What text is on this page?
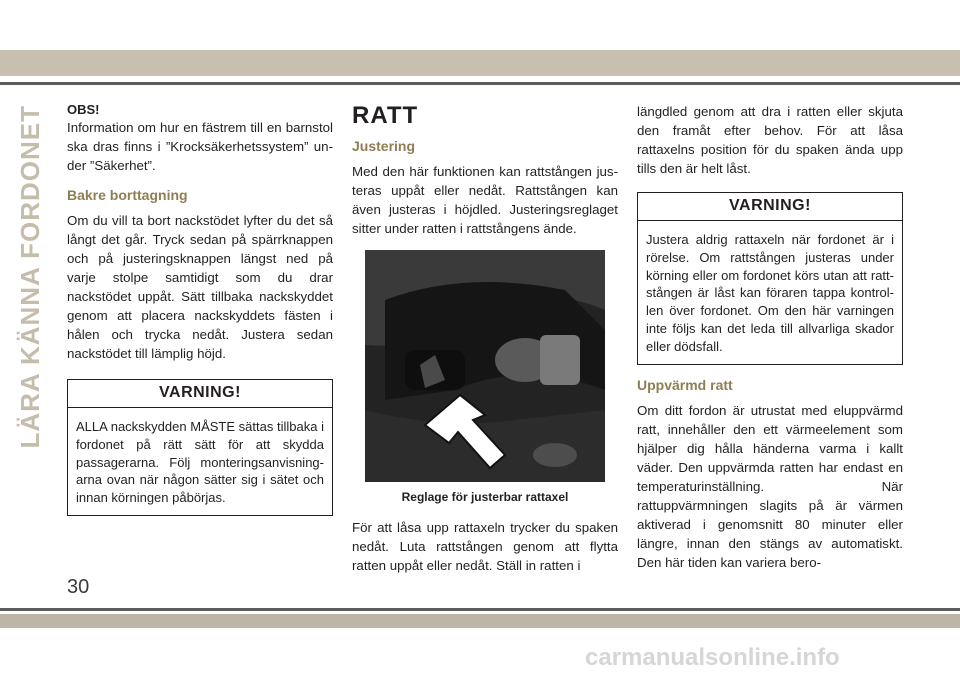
LÄRA KÄNNA FORDONET OBS!
Information om hur en fästrem till en barnstol ska dras finns i ”Krocksäkerhetssystem” under ”Säkerhet”.
Bakre borttagning
Om du vill ta bort nackstödet lyfter du det så långt det går. Tryck sedan på spärrknappen och på justeringsknappen längst ned på varje stolpe samtidigt som du drar nackstödet uppåt. Sätt tillbaka nackskyddet genom att placera nackskyddets fästen i hålen och trycka nedåt. Justera sedan nackstödet till lämplig höjd.
VARNING!
ALLA nackskydden MÅSTE sättas tillbaka i fordonet på rätt sätt för att skydda passagerarna. Följ monteringsanvisningarna ovan när någon sätter sig i sätet och innan körningen påbörjas.
RATT
Justering
Med den här funktionen kan rattstången justeras uppåt eller nedåt. Rattstången kan även justeras i höjdled. Justeringsreglaget sitter under ratten i rattstångens ände.
Reglage för justerbar rattaxel
För att låsa upp rattaxeln trycker du spaken nedåt. Luta rattstången genom att flytta ratten uppåt eller nedåt. Ställ in ratten i
längdled genom att dra i ratten eller skjuta den framåt efter behov. För att låsa rattaxelns position för du spaken ända upp tills den är helt låst.
VARNING!
Justera aldrig rattaxeln när fordonet är i rörelse. Om rattstången justeras under körning eller om fordonet körs utan att rattstången är låst kan föraren tappa kontrollen över fordonet. Om den här varningen inte följs kan det leda till allvarliga skador eller dödsfall.
Uppvärmd ratt
Om ditt fordon är utrustat med eluppvärmd ratt, innehåller den ett värmeelement som hjälper dig hålla händerna varma i kallt väder. Den uppvärmda ratten har endast en temperaturinställning. När rattuppvärmningen slagits på är värmen aktiverad i genomsnitt 80 minuter eller längre, innan den stängs av automatiskt. Den här tiden kan variera bero-
30
carmanualsonline.info
